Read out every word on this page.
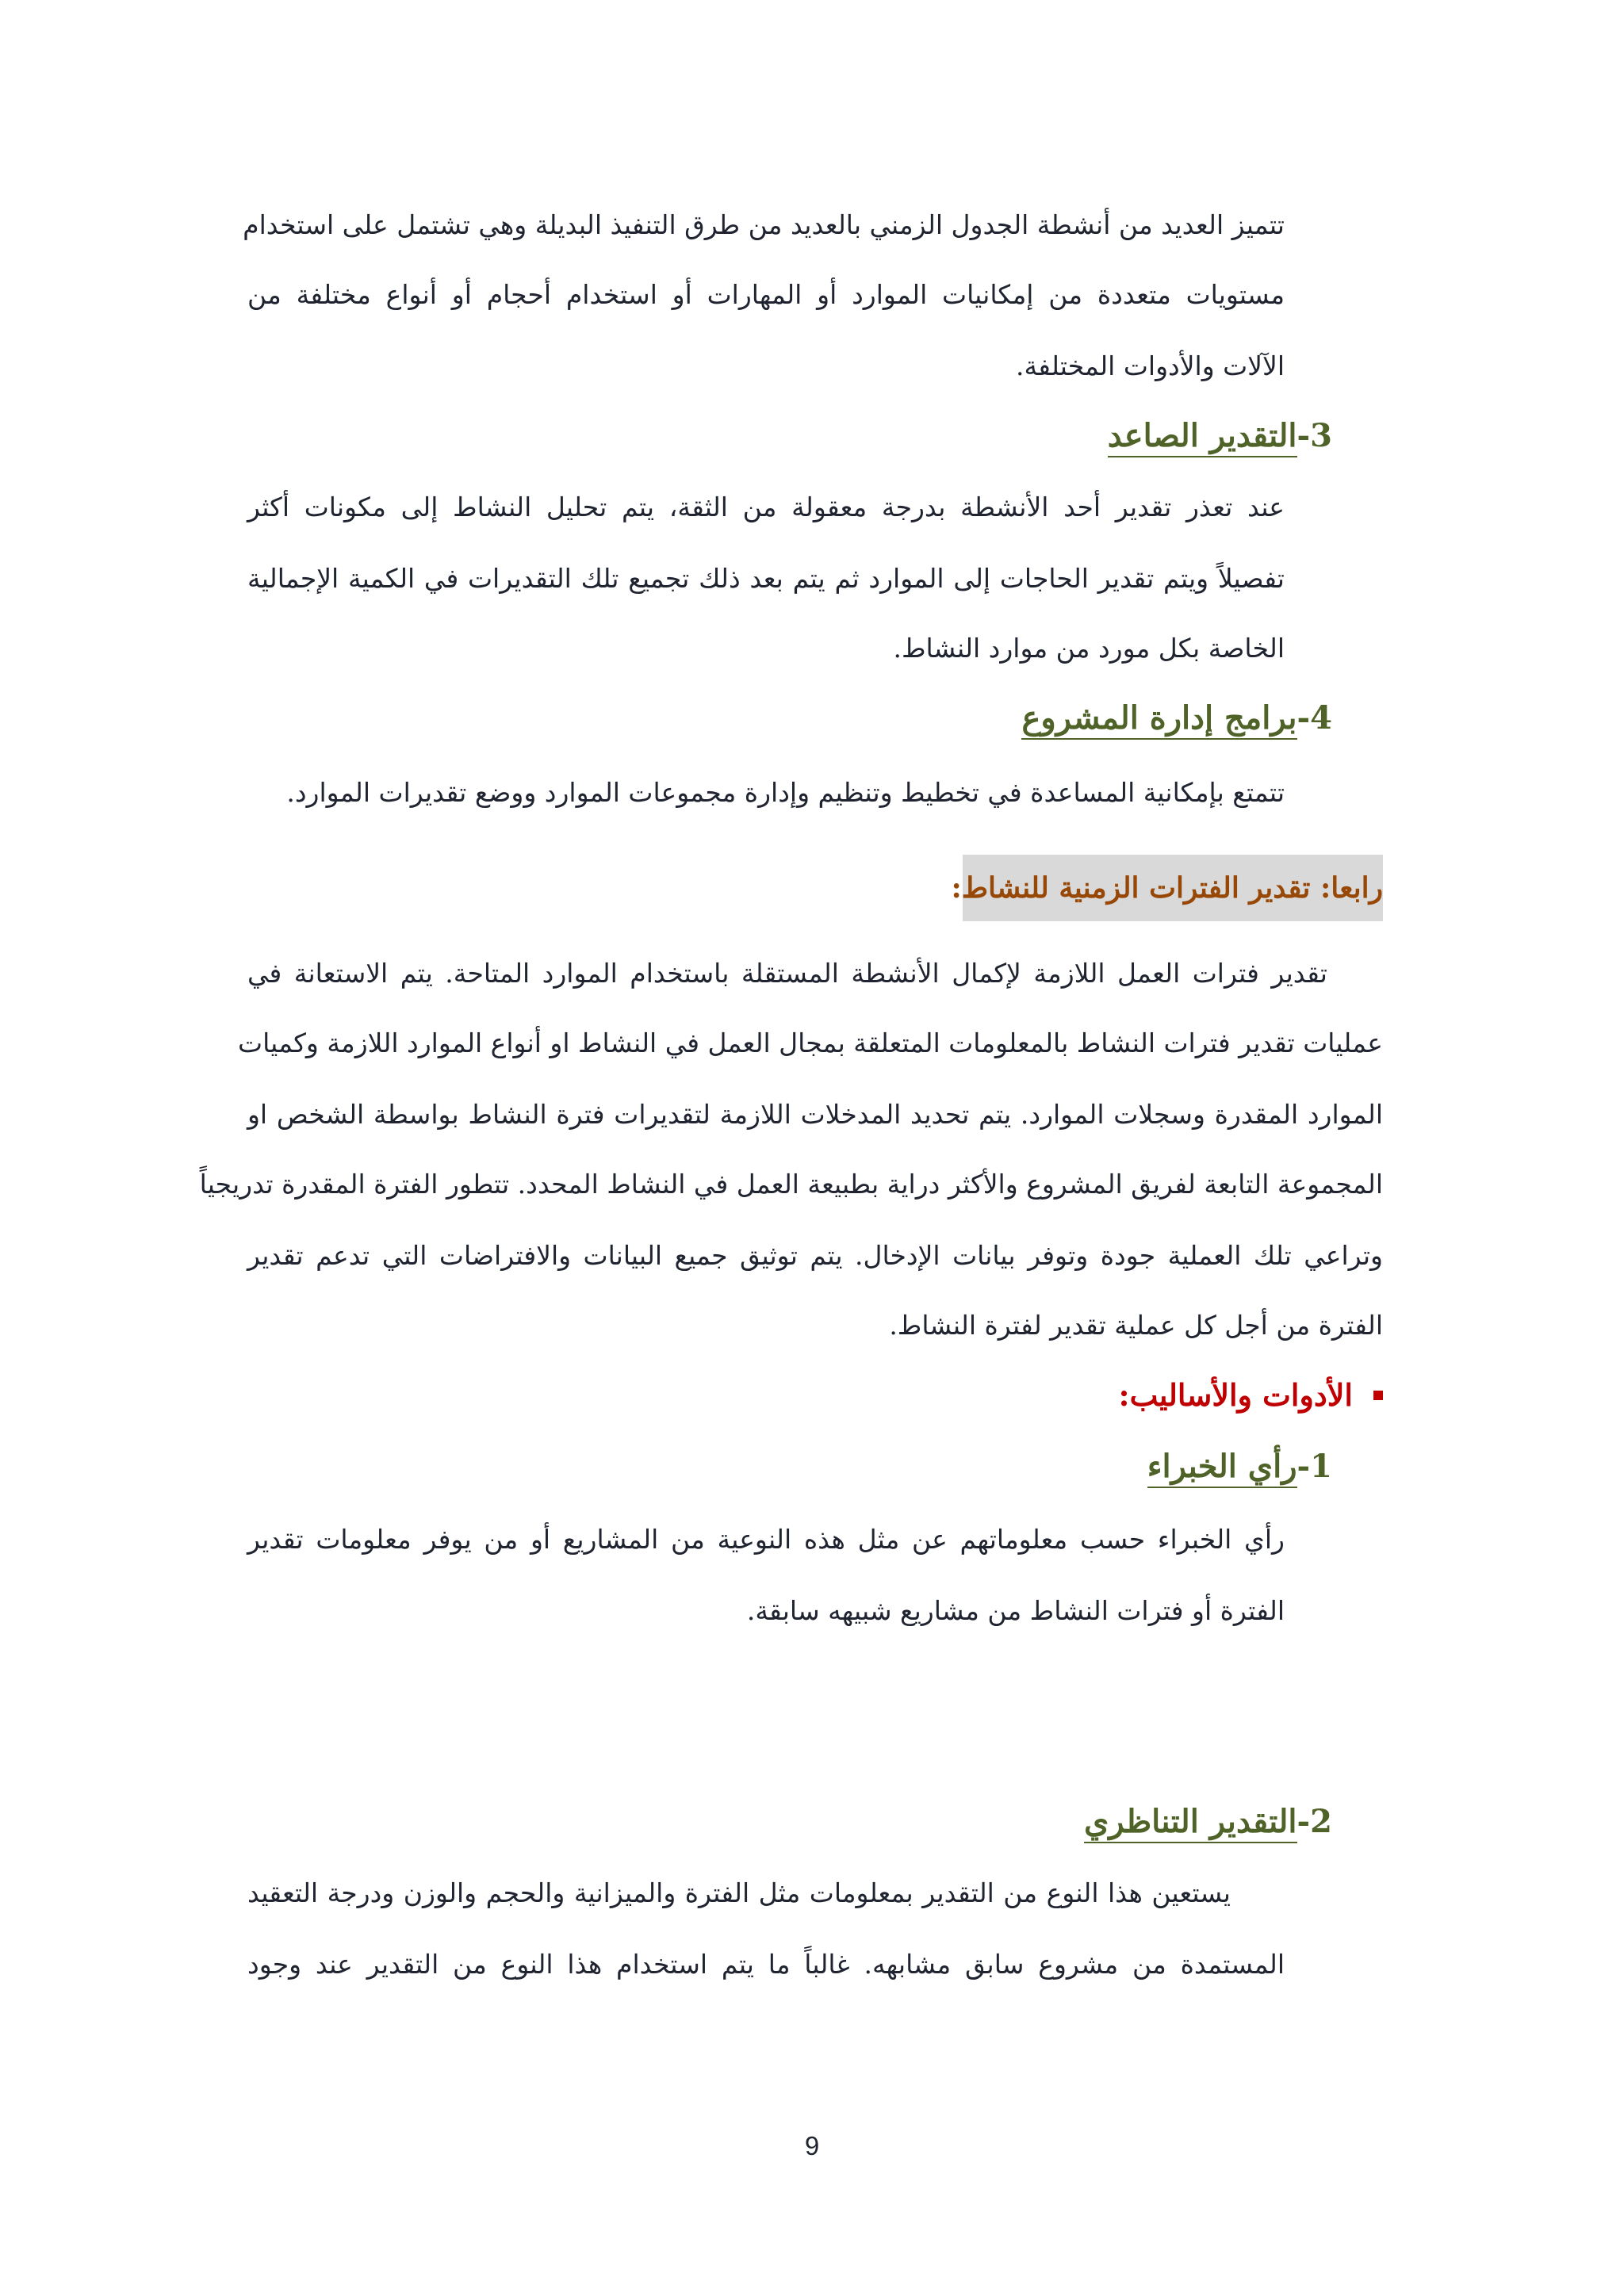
تتميز العديد من أنشطة الجدول الزمني بالعديد من طرق التنفيذ البديلة وهي تشتمل على استخدام
مستويات متعددة من إمكانيات الموارد أو المهارات أو استخدام أحجام أو أنواع مختلفة من
الآلات والأدوات المختلفة.
3-التقدير الصاعد
عند تعذر تقدير أحد الأنشطة بدرجة معقولة من الثقة، يتم تحليل النشاط إلى مكونات أكثر
تفصيلاً ويتم تقدير الحاجات إلى الموارد ثم يتم بعد ذلك تجميع تلك التقديرات في الكمية الإجمالية
الخاصة بكل مورد من موارد النشاط.
4-برامج إدارة المشروع
تتمتع بإمكانية المساعدة في تخطيط وتنظيم وإدارة مجموعات الموارد ووضع تقديرات الموارد.
رابعا: تقدير الفترات الزمنية للنشاط:
تقدير فترات العمل اللازمة لإكمال الأنشطة المستقلة باستخدام الموارد المتاحة. يتم الاستعانة في
عمليات تقدير فترات النشاط بالمعلومات المتعلقة بمجال العمل في النشاط او أنواع الموارد اللازمة وكميات
الموارد المقدرة وسجلات الموارد. يتم تحديد المدخلات اللازمة لتقديرات فترة النشاط بواسطة الشخص او
المجموعة التابعة لفريق المشروع والأكثر دراية بطبيعة العمل في النشاط المحدد. تتطور الفترة المقدرة تدريجياً
وتراعي تلك العملية جودة وتوفر بيانات الإدخال. يتم توثيق جميع البيانات والافتراضات التي تدعم تقدير
الفترة من أجل كل عملية تقدير لفترة النشاط.
الأدوات والأساليب:
1-رأي الخبراء
رأي الخبراء حسب معلوماتهم عن مثل هذه النوعية من المشاريع أو من يوفر معلومات تقدير
الفترة أو فترات النشاط من مشاريع شبيهه سابقة.
2-التقدير التناظري
يستعين هذا النوع من التقدير بمعلومات مثل الفترة والميزانية والحجم والوزن ودرجة التعقيد
المستمدة من مشروع سابق مشابهه. غالباً ما يتم استخدام هذا النوع من التقدير عند وجود
9
